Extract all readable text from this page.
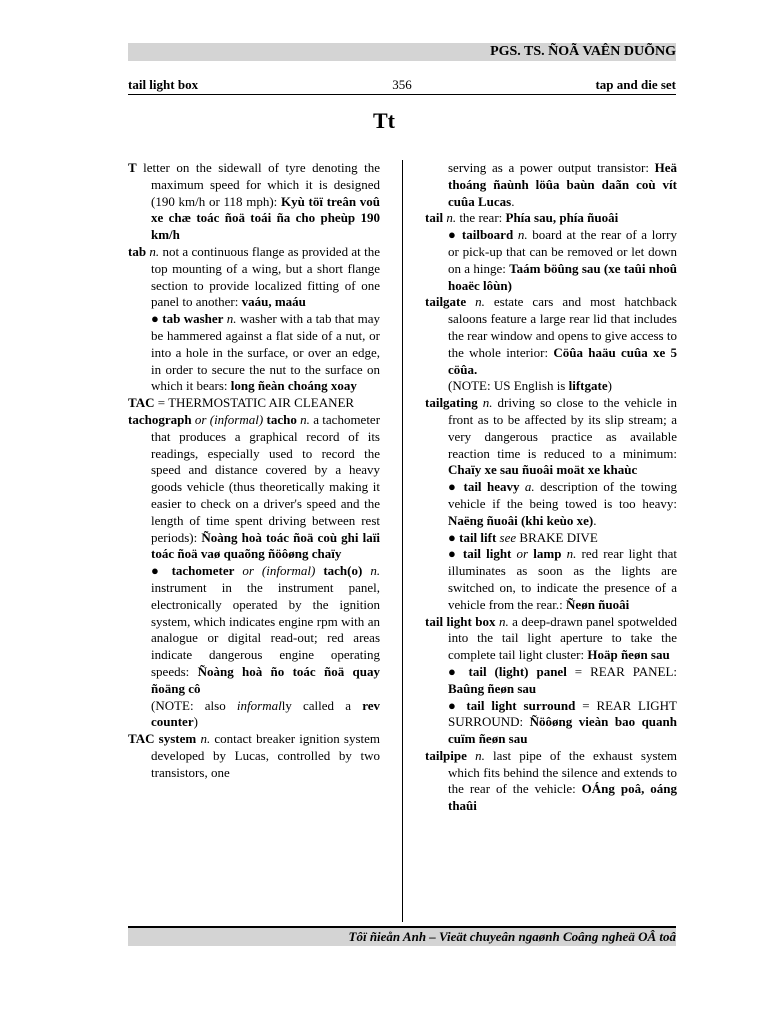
PGS. TS. ÑOÃ VAÊN DUÕNG
tail light box	356	tap and die set
Tt
T letter on the sidewall of tyre denoting the maximum speed for which it is designed (190 km/h or 118 mph): Kyù töï treân voû xe chæ toác ñoä toái ña cho pheùp 190 km/h
tab n. not a continuous flange as provided at the top mounting of a wing, but a short flange section to provide localized fitting of one panel to another: vaáu, maáu
● tab washer n. washer with a tab that may be hammered against a flat side of a nut, or into a hole in the surface, or over an edge, in order to secure the nut to the surface on which it bears: long ñeàn choáng xoay
TAC = THERMOSTATIC AIR CLEANER
tachograph or (informal) tacho n. a tachometer that produces a graphical record of its readings, especially used to record the speed and distance covered by a heavy goods vehicle (thus theoretically making it easier to check on a driver's speed and the length of time spent driving between rest periods): Ñoàng hoà toác ñoä coù ghi laïi toác ñoä vaø quaõng ñöôøng chaïy
● tachometer or (informal) tach(o) n. instrument in the instrument panel, electronically operated by the ignition system, which indicates engine rpm with an analogue or digital read-out; red areas indicate dangerous engine operating speeds: Ñoàng hoà ño toác ñoä quay ñoäng cô
(NOTE: also informally called a rev counter)
TAC system n. contact breaker ignition system developed by Lucas, controlled by two transistors, one
serving as a power output transistor: Heä thoáng ñaùnh löûa baùn daãn coù vít cuûa Lucas.
tail n. the rear: Phía sau, phía ñuoâi
● tailboard n. board at the rear of a lorry or pick-up that can be removed or let down on a hinge: Taám böûng sau (xe taûi nhoû hoaëc lôùn)
tailgate n. estate cars and most hatchback saloons feature a large rear lid that includes the rear window and opens to give access to the whole interior: Cöûa haäu cuûa xe 5 cöûa.
(NOTE: US English is liftgate)
tailgating n. driving so close to the vehicle in front as to be affected by its slip stream; a very dangerous practice as available reaction time is reduced to a minimum: Chaïy xe sau ñuoâi moät xe khaùc
● tail heavy a. description of the towing vehicle if the being towed is too heavy: Naëng ñuoâi (khi keùo xe).
● tail lift see BRAKE DIVE
● tail light or lamp n. red rear light that illuminates as soon as the lights are switched on, to indicate the presence of a vehicle from the rear.: Ñeøn ñuoâi
tail light box n. a deep-drawn panel spotwelded into the tail light aperture to take the complete tail light cluster: Hoäp ñeøn sau
● tail (light) panel = REAR PANEL: Baûng ñeøn sau
● tail light surround = REAR LIGHT SURROUND: Ñöôøng vieàn bao quanh cuïm ñeøn sau
tailpipe n. last pipe of the exhaust system which fits behind the silence and extends to the rear of the vehicle: OÁng poâ, oáng thaûi
Tôï ñieån Anh – Vieät chuyeân ngaønh Coâng ngheä OÂ toâ
